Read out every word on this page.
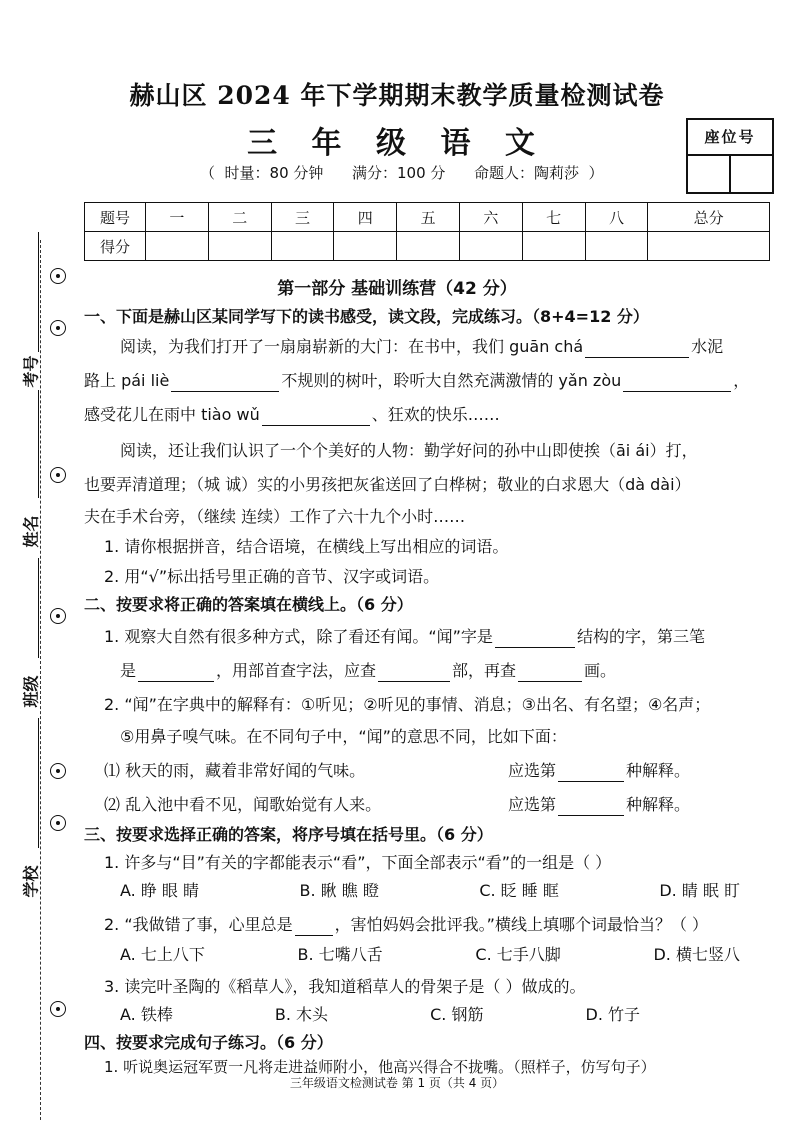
赫山区 2024 年下学期期末教学质量检测试卷
三 年 级 语 文
（  时量：80 分钟      满分：100 分      命题人：陶莉莎  ）
座位号
题号	一	二	三	四	五	六	七	八	总分
得分									
考号
姓名
班级
学校
第一部分 基础训练营（42 分）
一、下面是赫山区某同学写下的读书感受，读文段，完成练习。（8+4=12 分）
阅读，为我们打开了一扇扇崭新的大门：在书中，我们 guān chá	水泥
路上 pái liè	不规则的树叶，聆听大自然充满激情的 yǎn zòu	，
感受花儿在雨中 tiào wǔ	、狂欢的快乐……
阅读，还让我们认识了一个个美好的人物：勤学好问的孙中山即使挨（āi ái）打，
也要弄清道理；（城 诚）实的小男孩把灰雀送回了白桦树；敬业的白求恩大（dà dài）
夫在手术台旁，（继续 连续）工作了六十九个小时……
1. 请你根据拼音，结合语境，在横线上写出相应的词语。
2. 用“√”标出括号里正确的音节、汉字或词语。
二、按要求将正确的答案填在横线上。（6 分）
1. 观察大自然有很多种方式，除了看还有闻。“闻”字是	结构的字，第三笔
是	，用部首查字法，应查	部，再查	画。
2. “闻”在字典中的解释有：①听见；②听见的事情、消息；③出名、有名望；④名声；
⑤用鼻子嗅气味。在不同句子中，“闻”的意思不同，比如下面：
⑴ 秋天的雨，藏着非常好闻的气味。	应选第	种解释。
⑵ 乱入池中看不见，闻歌始觉有人来。	应选第	种解释。
三、按要求选择正确的答案，将序号填在括号里。（6 分）
1. 许多与“目”有关的字都能表示“看”，下面全部表示“看”的一组是（ ）
A. 睁 眼 睛	B. 瞅 瞧 瞪	C. 眨 睡 眶	D. 睛 眠 盯
2. “我做错了事，心里总是	，害怕妈妈会批评我。”横线上填哪个词最恰当？（ ）
A. 七上八下	B. 七嘴八舌	C. 七手八脚	D. 横七竖八
3. 读完叶圣陶的《稻草人》，我知道稻草人的骨架子是（ ）做成的。
A. 铁棒	B. 木头	C. 钢筋	D. 竹子
四、按要求完成句子练习。（6 分）
1. 听说奥运冠军贾一凡将走进益师附小，他高兴得合不拢嘴。（照样子，仿写句子）
三年级语文检测试卷 第 1 页（共 4 页）
